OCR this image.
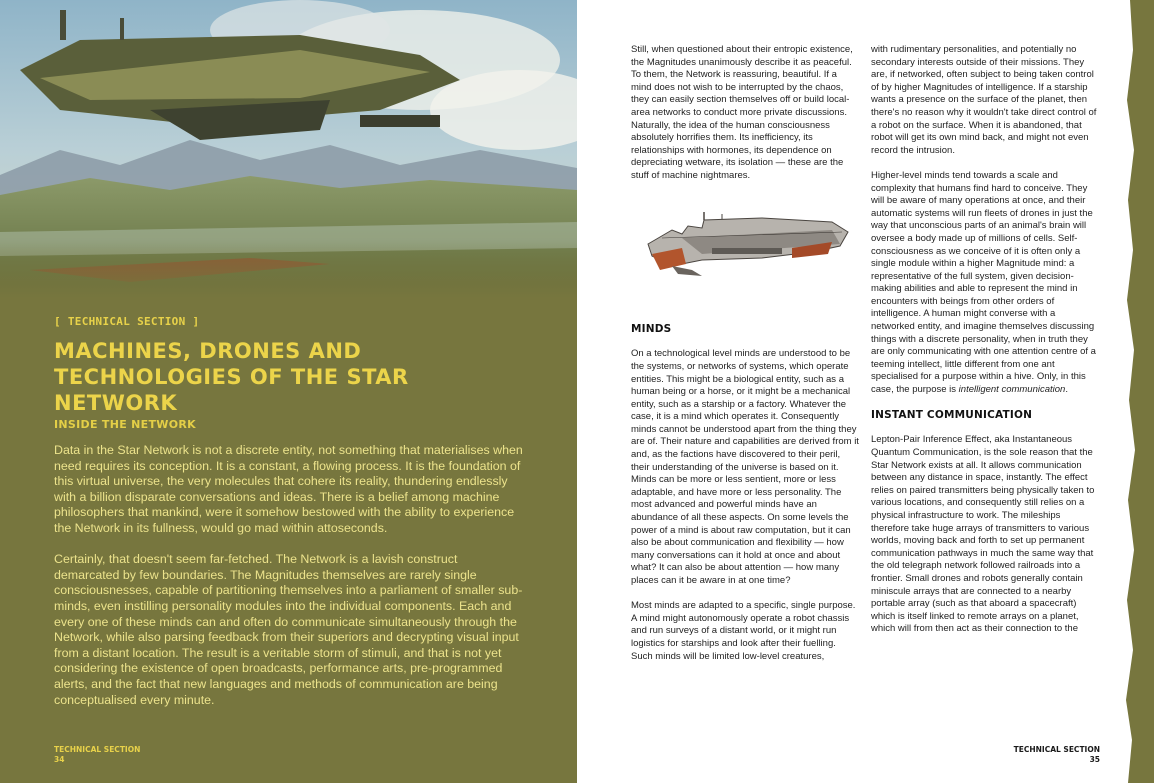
[ TECHNICAL SECTION ]
MACHINES, DRONES AND TECHNOLOGIES OF THE STAR NETWORK
INSIDE THE NETWORK

Data in the Star Network is not a discrete entity, not something that materialises when need requires its conception. It is a constant, a flowing process. It is the foundation of this virtual universe, the very molecules that cohere its reality, thundering endlessly with a billion disparate conversations and ideas. There is a belief among machine philosophers that mankind, were it somehow bestowed with the ability to experience the Network in its fullness, would go mad within attoseconds.

Certainly, that doesn't seem far-fetched. The Network is a lavish construct demarcated by few boundaries. The Magnitudes themselves are rarely single consciousnesses, capable of partitioning themselves into a parliament of smaller sub-minds, even instilling personality modules into the individual components. Each and every one of these minds can and often do communicate simultaneously through the Network, while also parsing feedback from their superiors and decrypting visual input from a distant location. The result is a veritable storm of stimuli, and that is not yet considering the existence of open broadcasts, performance arts, pre-programmed alerts, and the fact that new languages and methods of communication are being conceptualised every minute.

TECHNICAL SECTION
34

Still, when questioned about their entropic existence, the Magnitudes unanimously describe it as peaceful. To them, the Network is reassuring, beautiful. If a mind does not wish to be interrupted by the chaos, they can easily section themselves off or build local-area networks to conduct more private discussions. Naturally, the idea of the human consciousness absolutely horrifies them. Its inefficiency, its relationships with hormones, its dependence on depreciating wetware, its isolation — these are the stuff of machine nightmares.

MINDS

On a technological level minds are understood to be the systems, or networks of systems, which operate entities. This might be a biological entity, such as a human being or a horse, or it might be a mechanical entity, such as a starship or a factory. Whatever the case, it is a mind which operates it. Consequently minds cannot be understood apart from the thing they are of. Their nature and capabilities are derived from it and, as the factions have discovered to their peril, their understanding of the universe is based on it. Minds can be more or less sentient, more or less adaptable, and have more or less personality. The most advanced and powerful minds have an abundance of all these aspects. On some levels the power of a mind is about raw computation, but it can also be about communication and flexibility — how many conversations can it hold at once and about what? It can also be about attention — how many places can it be aware in at one time?

Most minds are adapted to a specific, single purpose. A mind might autonomously operate a robot chassis and run surveys of a distant world, or it might run logistics for starships and look after their fuelling. Such minds will be limited low-level creatures,

with rudimentary personalities, and potentially no secondary interests outside of their missions. They are, if networked, often subject to being taken control of by higher Magnitudes of intelligence. If a starship wants a presence on the surface of the planet, then there's no reason why it wouldn't take direct control of a robot on the surface. When it is abandoned, that robot will get its own mind back, and might not even record the intrusion.

Higher-level minds tend towards a scale and complexity that humans find hard to conceive. They will be aware of many operations at once, and their automatic systems will run fleets of drones in just the way that unconscious parts of an animal's brain will oversee a body made up of millions of cells. Self-consciousness as we conceive of it is often only a single module within a higher Magnitude mind: a representative of the full system, given decision-making abilities and able to represent the mind in encounters with beings from other orders of intelligence. A human might converse with a networked entity, and imagine themselves discussing things with a discrete personality, when in truth they are only communicating with one attention centre of a teeming intellect, little different from one ant specialised for a purpose within a hive. Only, in this case, the purpose is intelligent communication.

INSTANT COMMUNICATION

Lepton-Pair Inference Effect, aka Instantaneous Quantum Communication, is the sole reason that the Star Network exists at all. It allows communication between any distance in space, instantly. The effect relies on paired transmitters being physically taken to various locations, and consequently still relies on a physical infrastructure to work. The mileships therefore take huge arrays of transmitters to various worlds, moving back and forth to set up permanent communication pathways in much the same way that the old telegraph network followed railroads into a frontier. Small drones and robots generally contain miniscule arrays that are connected to a nearby portable array (such as that aboard a spacecraft) which is itself linked to remote arrays on a planet, which will from then act as their connection to the

TECHNICAL SECTION
35
